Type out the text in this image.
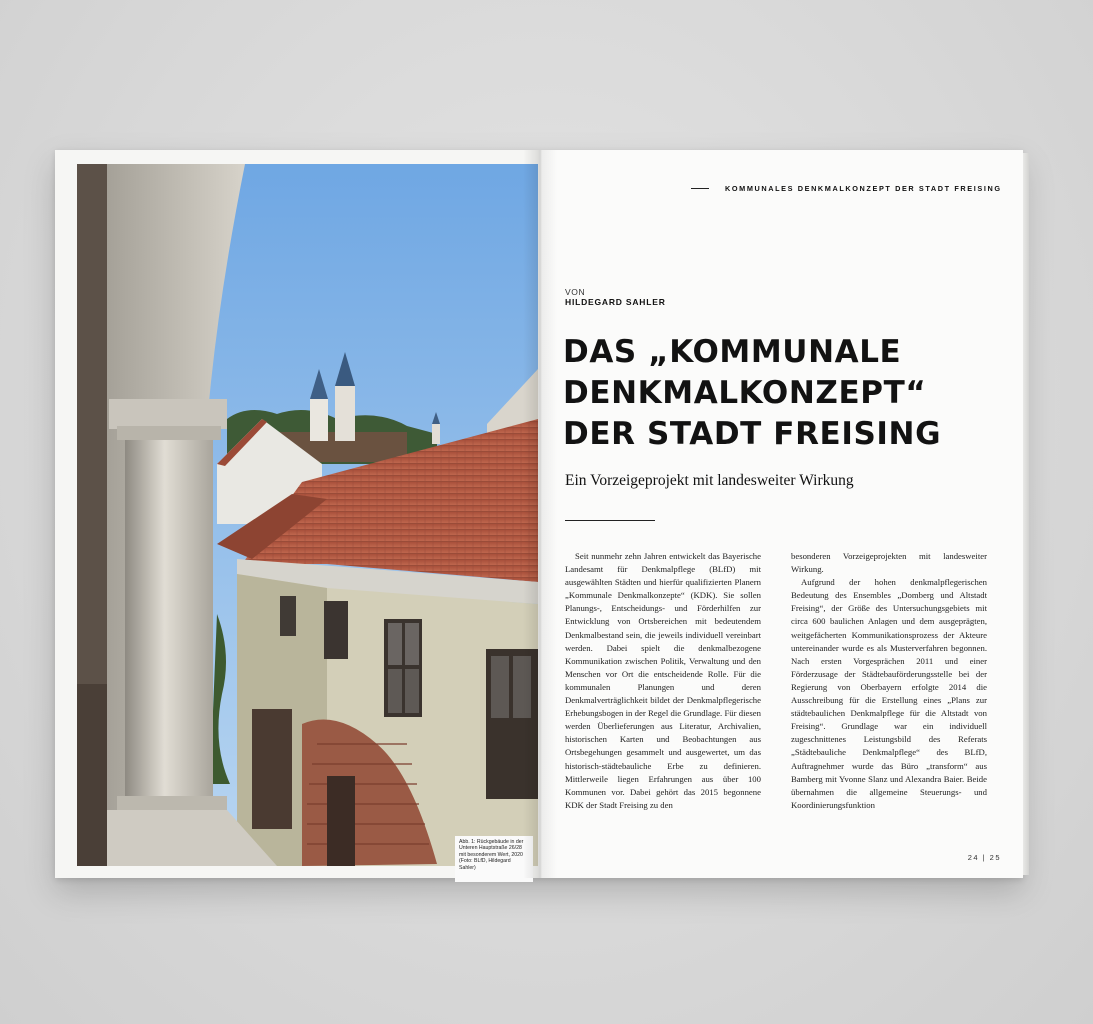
Abb. 1: Rückgebäude in der
Unteren Hauptstraße 26/28
mit besonderem Wert, 2020
(Foto: BLfD, Hildegard
Sahler)
KOMMUNALES DENKMALKONZEPT DER STADT FREISING
VON
HILDEGARD SAHLER
DAS „KOMMUNALE
DENKMALKONZEPT“
DER STADT FREISING
Ein Vorzeigeprojekt mit landesweiter Wirkung

Seit nunmehr zehn Jahren entwickelt das Bayerische Landesamt für Denkmalpflege (BLfD) mit ausgewählten Städten und hierfür qualifizierten Planern „Kommunale Denkmalkonzepte“ (KDK). Sie sollen Planungs-, Entscheidungs- und Förderhilfen zur Entwicklung von Ortsbereichen mit bedeutendem Denkmalbestand sein, die jeweils individuell vereinbart werden. Dabei spielt die denkmalbezogene Kommunikation zwischen Politik, Verwaltung und den Menschen vor Ort die entscheidende Rolle. Für die kommunalen Planungen und deren Denkmalverträglichkeit bildet der Denkmalpflegerische Erhebungsbogen in der Regel die Grundlage. Für diesen werden Überlieferungen aus Literatur, Archivalien, historischen Karten und Beobachtungen aus Ortsbegehungen gesammelt und ausgewertet, um das historisch-städtebauliche Erbe zu definieren. Mittlerweile liegen Erfahrungen aus über 100 Kommunen vor. Dabei gehört das 2015 begonnene KDK der Stadt Freising zu den

besonderen Vorzeigeprojekten mit landesweiter Wirkung.

Aufgrund der hohen denkmalpflegerischen Bedeutung des Ensembles „Domberg und Altstadt Freising“, der Größe des Untersuchungsgebiets mit circa 600 baulichen Anlagen und dem ausgeprägten, weitgefächerten Kommunikationsprozess der Akteure untereinander wurde es als Musterverfahren begonnen. Nach ersten Vorgesprächen 2011 und einer Förderzusage der Städtebauförderungsstelle bei der Regierung von Oberbayern erfolgte 2014 die Ausschreibung für die Erstellung eines „Plans zur städtebaulichen Denkmalpflege für die Altstadt von Freising“. Grundlage war ein individuell zugeschnittenes Leistungsbild des Referats „Städtebauliche Denkmalpflege“ des BLfD, Auftragnehmer wurde das Büro „transform“ aus Bamberg mit Yvonne Slanz und Alexandra Baier. Beide übernahmen die allgemeine Steuerungs- und Koordinierungsfunktion

24 | 25
